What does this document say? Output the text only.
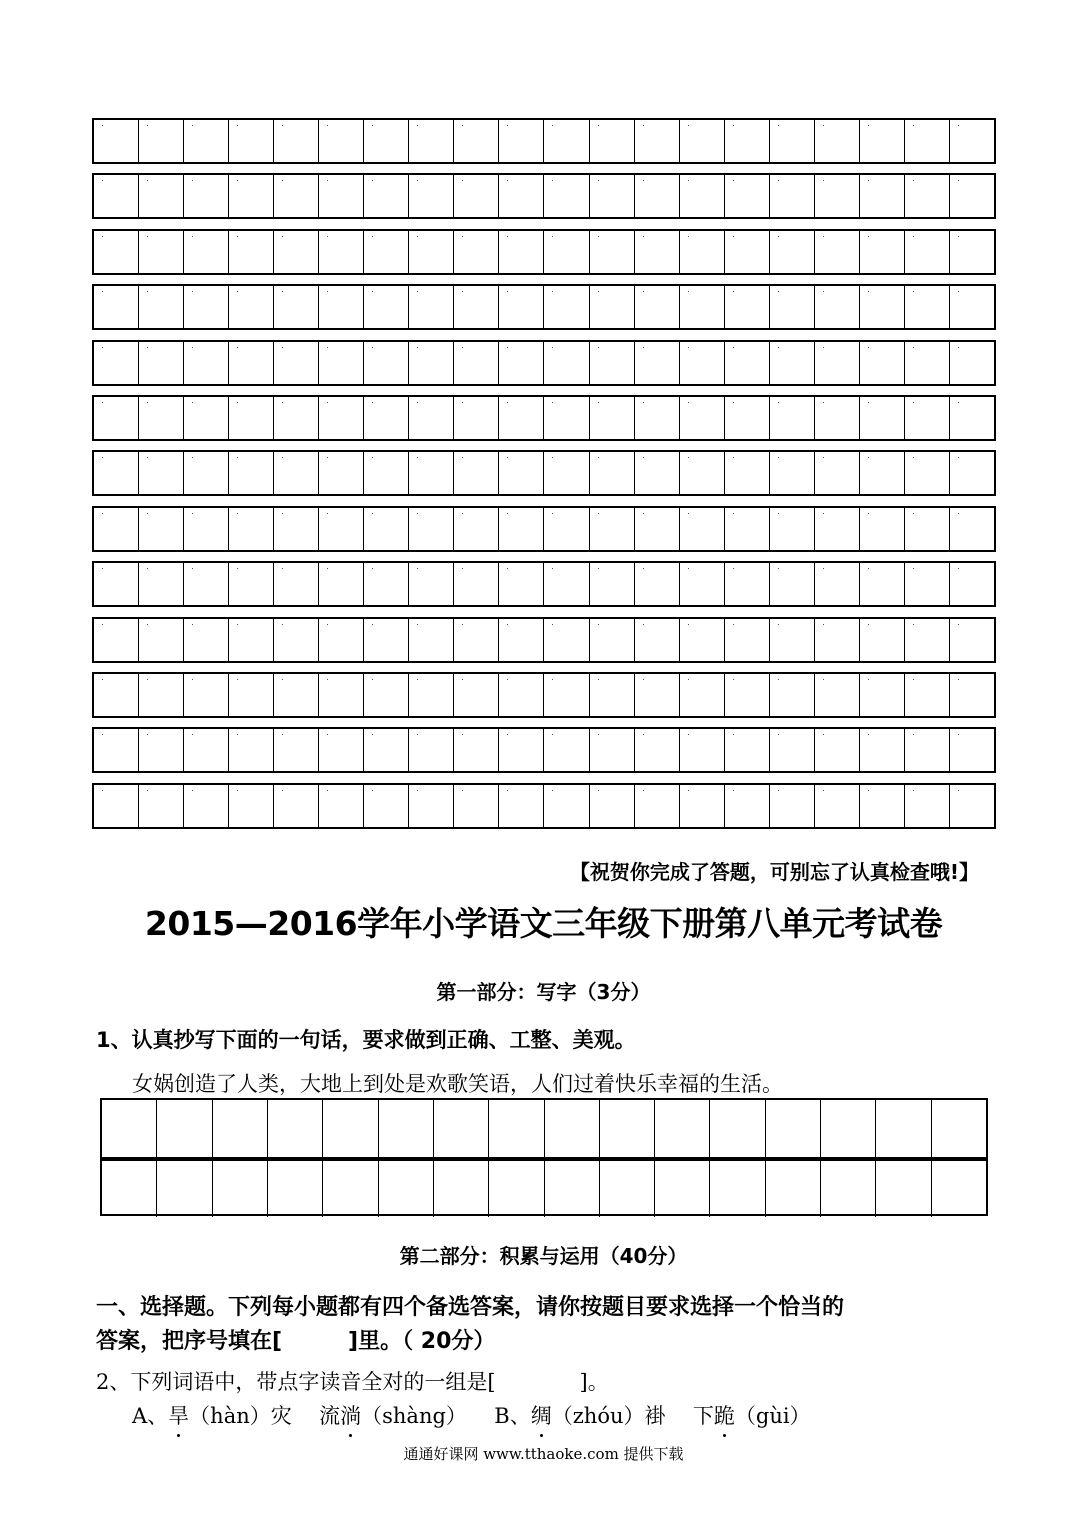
【祝贺你完成了答题，可别忘了认真检查哦!】
2015—2016学年小学语文三年级下册第八单元考试卷
第一部分：写字（3分）
1、认真抄写下面的一句话，要求做到正确、工整、美观。
女娲创造了人类，大地上到处是欢歌笑语，人们过着快乐幸福的生活。
第二部分：积累与运用（40分）
一、选择题。下列每小题都有四个备选答案，请你按题目要求选择一个恰当的
答案，把序号填在[　　　]里。（ 20分）
2、下列词语中，带点字读音全对的一组是[　　　　]。
A、旱（hàn）灾 流淌（shàng） B、绸（zhóu）褂 下跪（gùi）
通通好课网 www.tthaoke.com 提供下载
